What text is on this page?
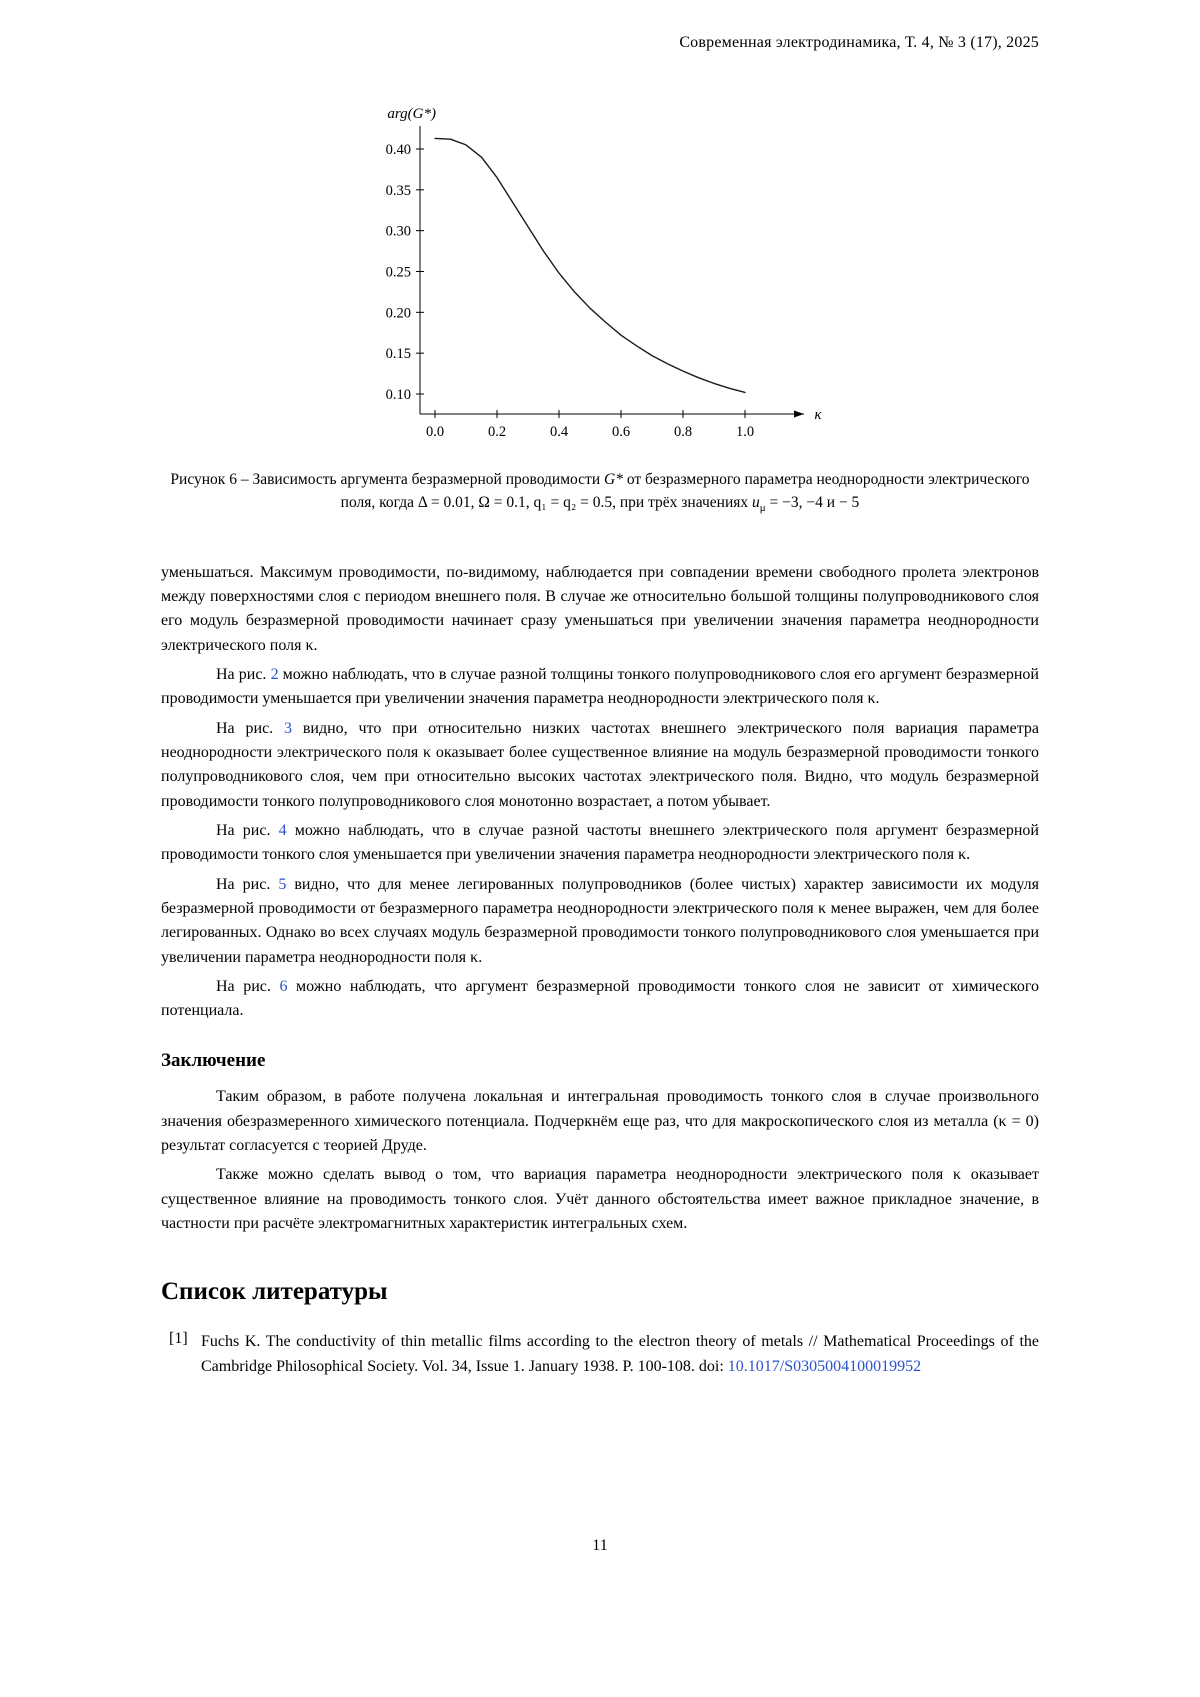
Современная электродинамика, Т. 4, № 3 (17), 2025
0.10
0.15
0.20
0.25
0.30
0.35
0.40
0.0	0.2	0.4	0.6	0.8	1.0
arg(G*)
κ
Рисунок 6 – Зависимость аргумента безразмерной проводимости G* от безразмерного параметра неоднородности электрического поля, когда Δ = 0.01, Ω = 0.1, q₁ = q₂ = 0.5, при трёх значениях $u_\mu = -3$, −4 и − 5

уменьшаться. Максимум проводимости, по-видимому, наблюдается при совпадении времени свободного пролета электронов между поверхностями слоя с периодом внешнего поля. В случае же относительно большой толщины полупроводникового слоя его модуль безразмерной проводимости начинает сразу уменьшаться при увеличении значения параметра неоднородности электрического поля κ.

На рис. 2 можно наблюдать, что в случае разной толщины тонкого полупроводникового слоя его аргумент безразмерной проводимости уменьшается при увеличении значения параметра неоднородности электрического поля κ.

На рис. 3 видно, что при относительно низких частотах внешнего электрического поля вариация параметра неоднородности электрического поля κ оказывает более существенное влияние на модуль безразмерной проводимости тонкого полупроводникового слоя, чем при относительно высоких частотах электрического поля. Видно, что модуль безразмерной проводимости тонкого полупроводникового слоя монотонно возрастает, а потом убывает.

На рис. 4 можно наблюдать, что в случае разной частоты внешнего электрического поля аргумент безразмерной проводимости тонкого слоя уменьшается при увеличении значения параметра неоднородности электрического поля κ.

На рис. 5 видно, что для менее легированных полупроводников (более чистых) характер зависимости их модуля безразмерной проводимости от безразмерного параметра неоднородности электрического поля κ менее выражен, чем для более легированных. Однако во всех случаях модуль безразмерной проводимости тонкого полупроводникового слоя уменьшается при увеличении параметра неоднородности поля κ.

На рис. 6 можно наблюдать, что аргумент безразмерной проводимости тонкого слоя не зависит от химического потенциала.

Заключение

Таким образом, в работе получена локальная и интегральная проводимость тонкого слоя в случае произвольного значения обезразмеренного химического потенциала. Подчеркнём еще раз, что для макроскопического слоя из металла (κ = 0) результат согласуется с теорией Друде.

Также можно сделать вывод о том, что вариация параметра неоднородности электрического поля κ оказывает существенное влияние на проводимость тонкого слоя. Учёт данного обстоятельства имеет важное прикладное значение, в частности при расчёте электромагнитных характеристик интегральных схем.

Список литературы
[1] Fuchs K. The conductivity of thin metallic films according to the electron theory of metals // Mathematical Proceedings of the Cambridge Philosophical Society. Vol. 34, Issue 1. January 1938. P. 100-108. doi: 10.1017/S0305004100019952
11
